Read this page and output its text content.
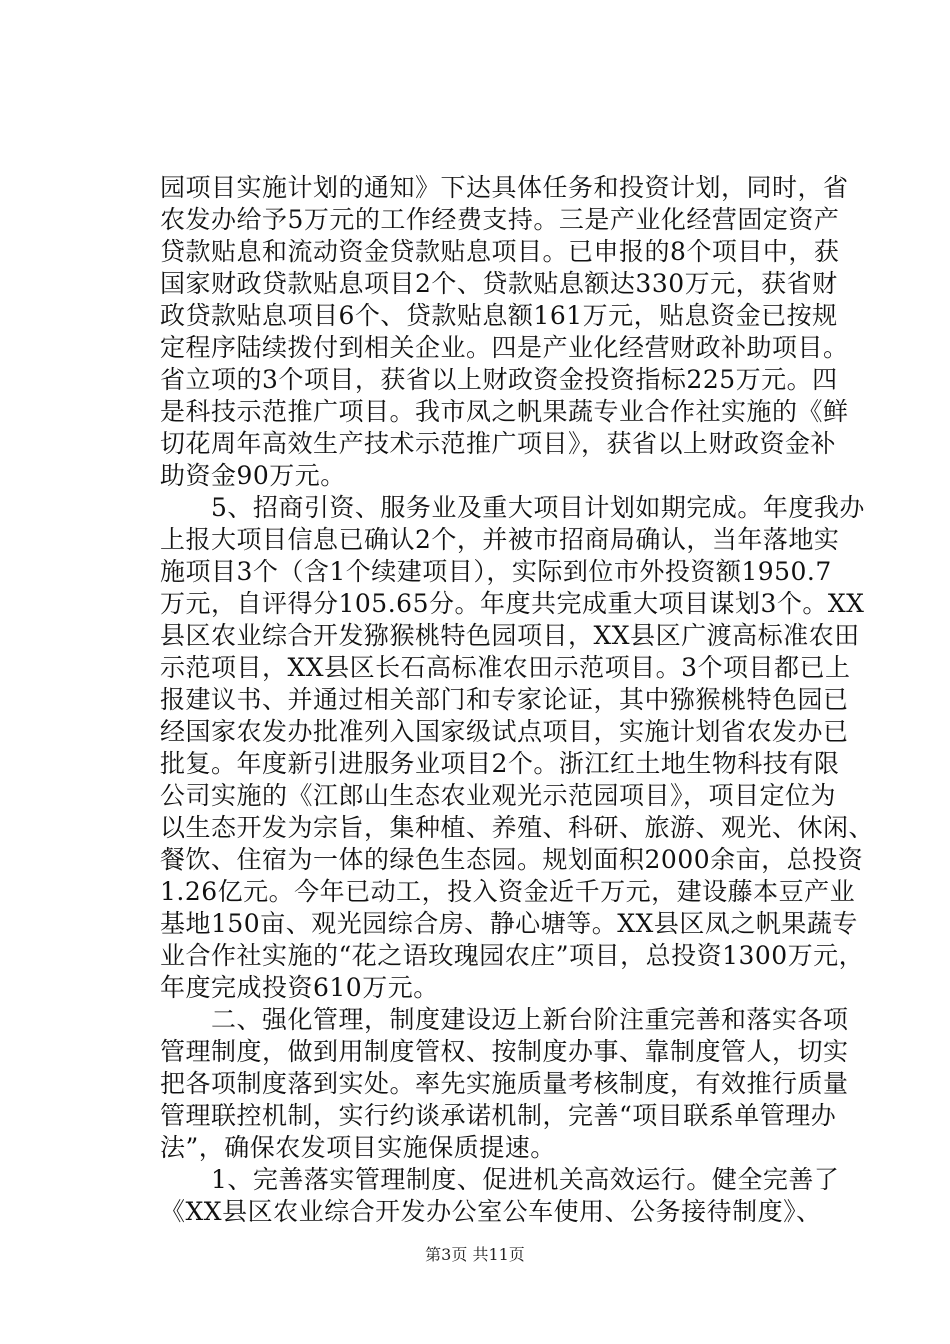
园项目实施计划的通知》下达具体任务和投资计划，同时，省
农发办给予5万元的工作经费支持。三是产业化经营固定资产
贷款贴息和流动资金贷款贴息项目。已申报的8个项目中，获
国家财政贷款贴息项目2个、贷款贴息额达330万元，获省财
政贷款贴息项目6个、贷款贴息额161万元，贴息资金已按规
定程序陆续拨付到相关企业。四是产业化经营财政补助项目。
省立项的3个项目，获省以上财政资金投资指标225万元。四
是科技示范推广项目。我市凤之帆果蔬专业合作社实施的《鲜
切花周年高效生产技术示范推广项目》，获省以上财政资金补
助资金90万元。
　　5、招商引资、服务业及重大项目计划如期完成。年度我办
上报大项目信息已确认2个，并被市招商局确认，当年落地实
施项目3个（含1个续建项目），实际到位市外投资额1950.7
万元，自评得分105.65分。年度共完成重大项目谋划3个。XX
县区农业综合开发猕猴桃特色园项目，XX县区广渡高标准农田
示范项目，XX县区长石高标准农田示范项目。3个项目都已上
报建议书、并通过相关部门和专家论证，其中猕猴桃特色园已
经国家农发办批准列入国家级试点项目，实施计划省农发办已
批复。年度新引进服务业项目2个。浙江红土地生物科技有限
公司实施的《江郎山生态农业观光示范园项目》，项目定位为
以生态开发为宗旨，集种植、养殖、科研、旅游、观光、休闲、
餐饮、住宿为一体的绿色生态园。规划面积2000余亩，总投资
1.26亿元。今年已动工，投入资金近千万元，建设藤本豆产业
基地150亩、观光园综合房、静心塘等。XX县区凤之帆果蔬专
业合作社实施的“花之语玫瑰园农庄”项目，总投资1300万元，
年度完成投资610万元。
　　二、强化管理，制度建设迈上新台阶注重完善和落实各项
管理制度，做到用制度管权、按制度办事、靠制度管人，切实
把各项制度落到实处。率先实施质量考核制度，有效推行质量
管理联控机制，实行约谈承诺机制，完善“项目联系单管理办
法”，确保农发项目实施保质提速。
　　1、完善落实管理制度、促进机关高效运行。健全完善了
《XX县区农业综合开发办公室公车使用、公务接待制度》、
第3页 共11页
